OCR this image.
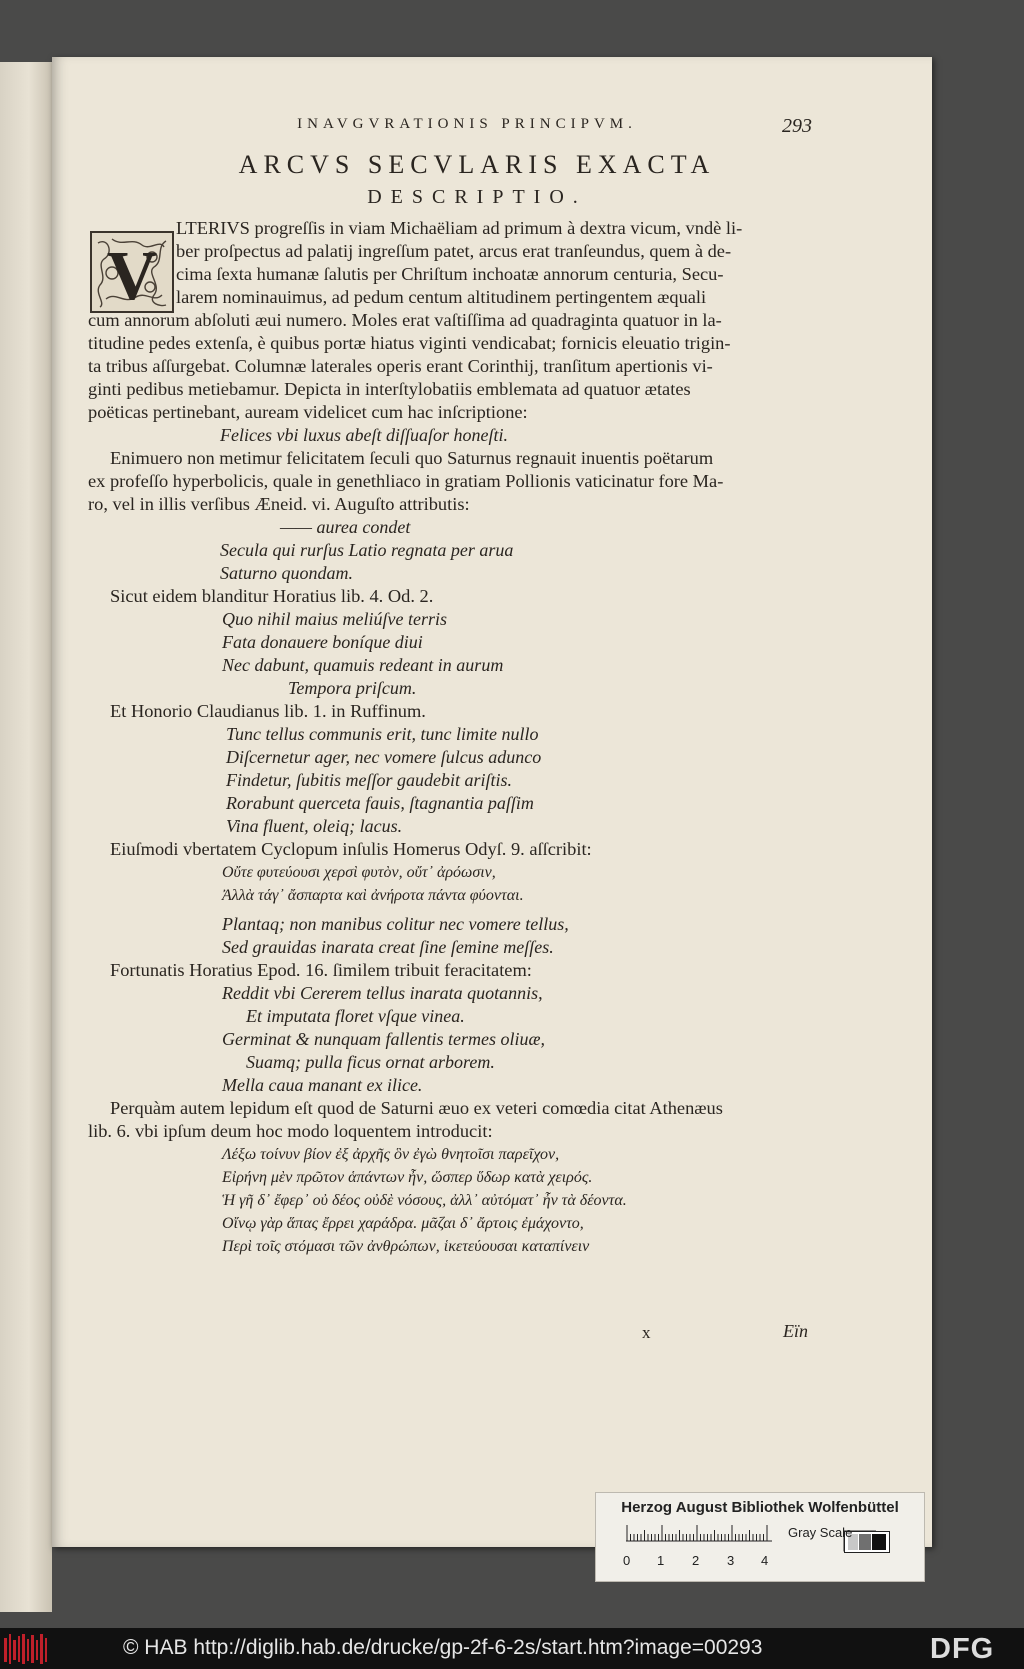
INAVGVRATIONIS PRINCIPVM.	293
ARCVS SECVLARIS EXACTA
DESCRIPTIO.
V
LTERIVS progreſſis in viam Michaëliam ad primum à dextra vicum, vndè li-
ber proſpectus ad palatij ingreſſum patet, arcus erat tranſeundus, quem à de-
cima ſexta humanæ ſalutis per Chriſtum inchoatæ annorum centuria, Secu-
larem nominauimus, ad pedum centum altitudinem pertingentem æquali
cum annorum abſoluti æui numero. Moles erat vaſtiſſima ad quadraginta quatuor in la-
titudine pedes extenſa, è quibus portæ hiatus viginti vendicabat; fornicis eleuatio trigin-
ta tribus aſſurgebat. Columnæ laterales operis erant Corinthij, tranſitum apertionis vi-
ginti pedibus metiebamur. Depicta in interſtylobatiis emblemata ad quatuor ætates
poëticas pertinebant, auream videlicet cum hac inſcriptione:
Felices vbi luxus abeſt diſſuaſor honeſti.
Enimuero non metimur felicitatem ſeculi quo Saturnus regnauit inuentis poëtarum
ex profeſſo hyperbolicis, quale in genethliaco in gratiam Pollionis vaticinatur fore Ma-
ro, vel in illis verſibus Æneid. vi. Auguſto attributis:
—— aurea condet
Secula qui rurſus Latio regnata per arua
Saturno quondam.
Sicut eidem blanditur Horatius lib. 4. Od. 2.
Quo nihil maius meliúſve terris
Fata donauere boníque diui
Nec dabunt, quamuis redeant in aurum
Tempora priſcum.
Et Honorio Claudianus lib. 1. in Ruffinum.
Tunc tellus communis erit, tunc limite nullo
Diſcernetur ager, nec vomere ſulcus adunco
Findetur, ſubitis meſſor gaudebit ariſtis.
Rorabunt querceta fauis, ſtagnantia paſſim
Vina fluent, oleiq; lacus.
Eiuſmodi vbertatem Cyclopum inſulis Homerus Odyſ. 9. aſſcribit:
Οὔτε φυτεύουσι χερσὶ φυτὸν, οὔτ᾽ ἀρόωσιν,
Ἀλλὰ τάγ᾽ ἄσπαρτα καὶ ἀνήροτα πάντα φύονται.
Plantaq; non manibus colitur nec vomere tellus,
Sed grauidas inarata creat ſine ſemine meſſes.
Fortunatis Horatius Epod. 16. ſimilem tribuit feracitatem:
Reddit vbi Cererem tellus inarata quotannis,
Et imputata floret vſque vinea.
Germinat & nunquam fallentis termes oliuæ,
Suamq; pulla ficus ornat arborem.
Mella caua manant ex ilice.
Perquàm autem lepidum eſt quod de Saturni æuo ex veteri comœdia citat Athenæus
lib. 6. vbi ipſum deum hoc modo loquentem introducit:
Λέξω τοίνυν βίον ἐξ ἀρχῆς ὃν ἐγὼ θνητοῖσι παρεῖχον,
Εἰρήνη μὲν πρῶτον ἁπάντων ἦν, ὥσπερ ὕδωρ κατὰ χειρός.
Ἡ γῆ δ᾽ ἔφερ᾽ οὐ δέος οὐδὲ νόσους, ἀλλ᾽ αὐτόματ᾽ ἦν τὰ δέοντα.
Οἴνῳ γὰρ ἅπας ἔρρει χαράδρα. μᾶζαι δ᾽ ἄρτοις ἐμάχοντο,
Περὶ τοῖς στόμασι τῶν ἀνθρώπων, ἱκετεύουσαι καταπίνειν
x	Eïn
Herzog August Bibliothek Wolfenbüttel
Gray Scale
0 1 2 3 4
© HAB http://diglib.hab.de/drucke/gp-2f-6-2s/start.htm?image=00293	DFG
